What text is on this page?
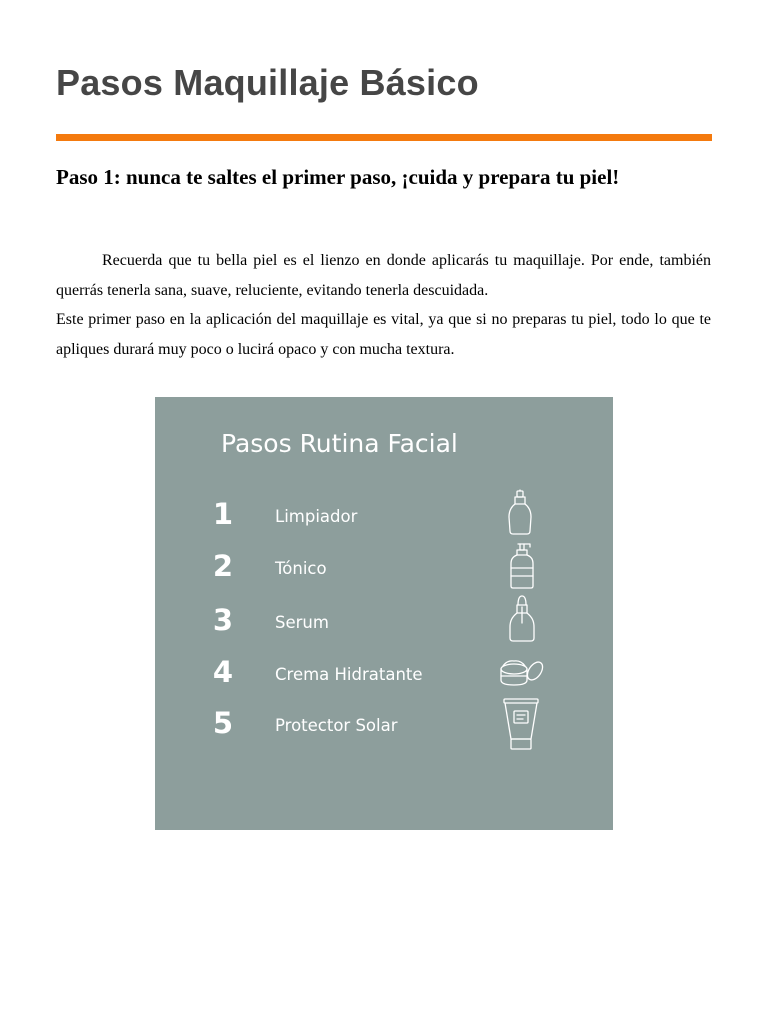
Pasos Maquillaje Básico
Paso 1: nunca te saltes el primer paso, ¡cuida y prepara tu piel!

Recuerda que tu bella piel es el lienzo en donde aplicarás tu maquillaje. Por ende, también querrás tenerla sana, suave, reluciente, evitando tenerla descuidada.

Este primer paso en la aplicación del maquillaje es vital, ya que si no preparas tu piel, todo lo que te apliques durará muy poco o lucirá opaco y con mucha textura.

Pasos Rutina Facial
1	Limpiador
2	Tónico
3	Serum
4	Crema Hidratante
5	Protector Solar
